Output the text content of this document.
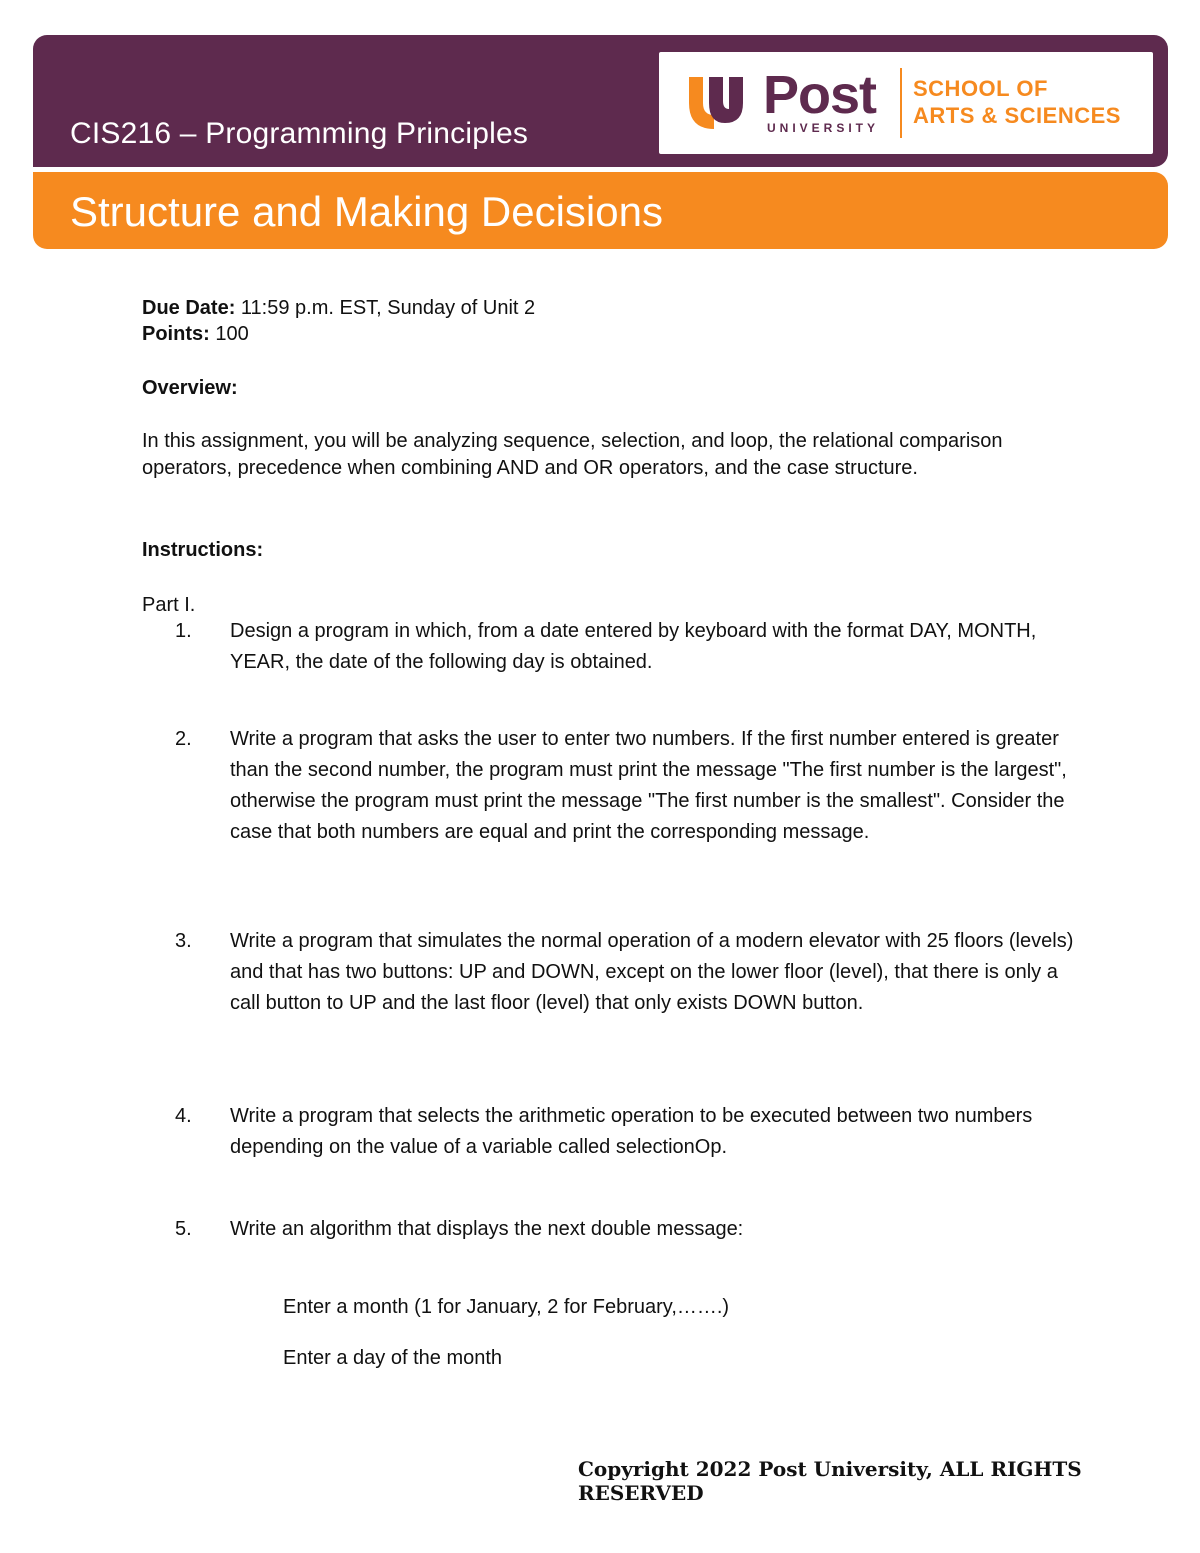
CIS216 – Programming Principles
Post
UNIVERSITY
SCHOOL OF
ARTS & SCIENCES
Structure and Making Decisions
Due Date: 11:59 p.m. EST, Sunday of Unit 2
Points: 100
Overview:
In this assignment, you will be analyzing sequence, selection, and loop, the relational comparison operators, precedence when combining AND and OR operators, and the case structure.
Instructions:
Part I.
1. Design a program in which, from a date entered by keyboard with the format DAY, MONTH, YEAR, the date of the following day is obtained.
2. Write a program that asks the user to enter two numbers. If the first number entered is greater than the second number, the program must print the message "The first number is the largest", otherwise the program must print the message "The first number is the smallest". Consider the case that both numbers are equal and print the corresponding message.
3. Write a program that simulates the normal operation of a modern elevator with 25 floors (levels) and that has two buttons: UP and DOWN, except on the lower floor (level), that there is only a call button to UP and the last floor (level) that only exists DOWN button.
4. Write a program that selects the arithmetic operation to be executed between two numbers depending on the value of a variable called selectionOp.
5. Write an algorithm that displays the next double message:
Enter a month (1 for January, 2 for February,…….)
Enter a day of the month
Copyright 2022 Post University, ALL RIGHTS RESERVED
